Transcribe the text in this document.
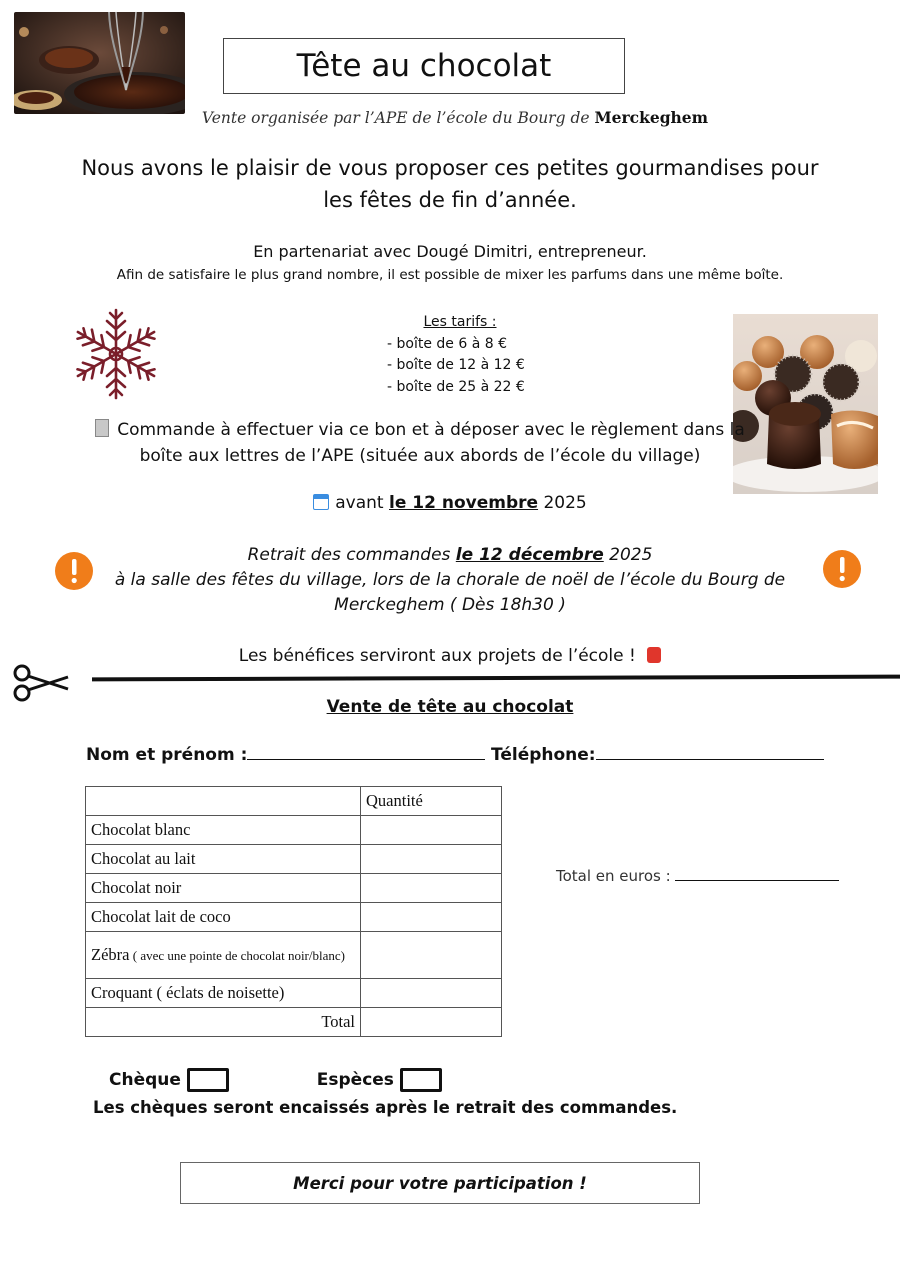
Tête au chocolat
Vente organisée par l’APE de l’école du Bourg de Merckeghem
Nous avons le plaisir de vous proposer ces petites gourmandises pour
les fêtes de fin d’année.
En partenariat avec Dougé Dimitri, entrepreneur.
Afin de satisfaire le plus grand nombre, il est possible de mixer les parfums dans une même boîte.
Les tarifs :
- boîte de 6 à 8 €
- boîte de 12 à 12 €
- boîte de 25 à 22 €
Commande à effectuer via ce bon et à déposer avec le règlement dans la
boîte aux lettres de l’APE (située aux abords de l’école du village)
avant le 12 novembre 2025
Retrait des commandes le 12 décembre 2025
à la salle des fêtes du village, lors de la chorale de noël de l’école du Bourg de
Merckeghem ( Dès 18h30 )
Les bénéfices serviront aux projets de l’école !
Vente de tête au chocolat
Nom et prénom :	Téléphone:
	Quantité
Chocolat blanc	
Chocolat au lait	
Chocolat noir	
Chocolat lait de coco	
Zébra ( avec une pointe de chocolat noir/blanc)	
Croquant ( éclats de noisette)	
Total	
Total en euros :
Chèque	Espèces
Les chèques seront encaissés après le retrait des commandes.
Merci pour votre participation !
